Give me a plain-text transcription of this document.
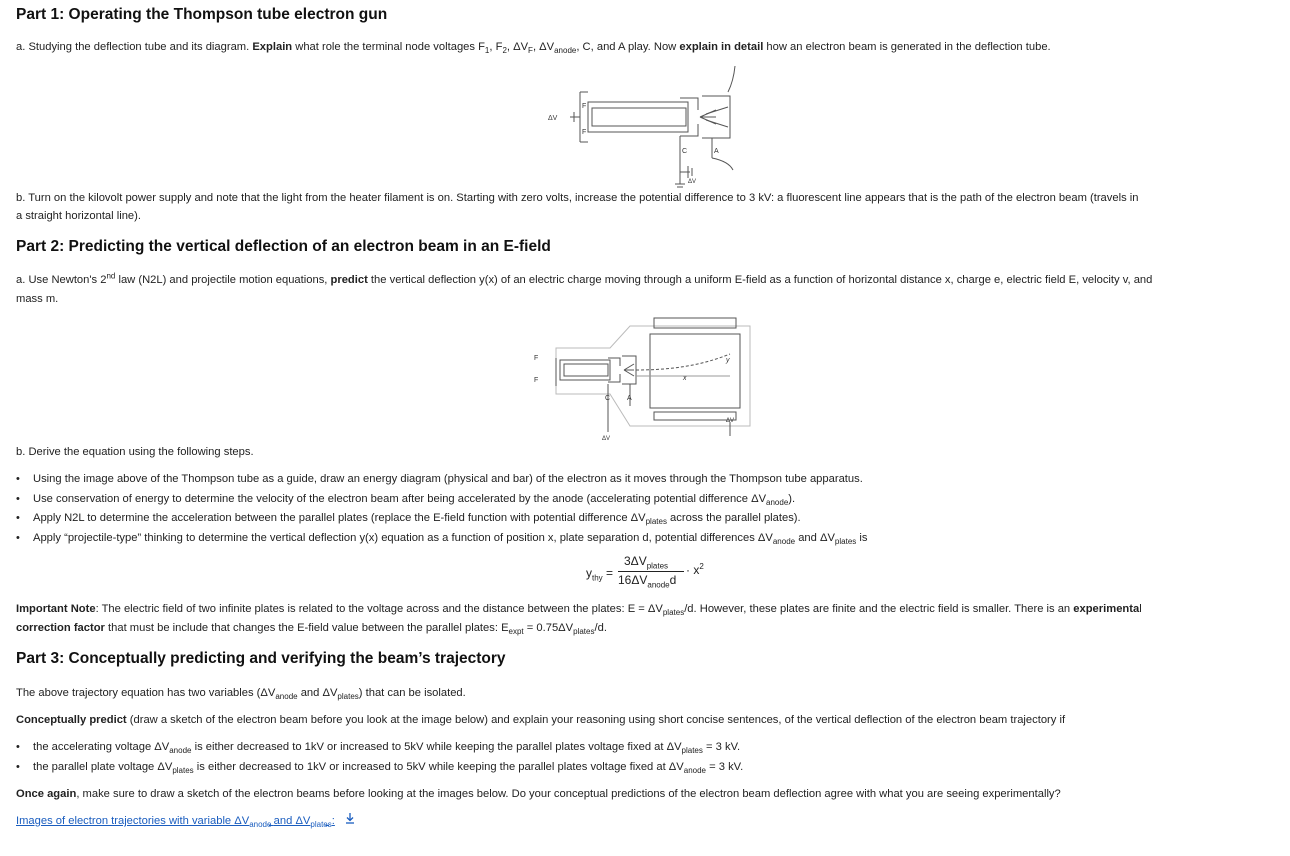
Part 1: Operating the Thompson tube electron gun
a. Studying the deflection tube and its diagram. Explain what role the terminal node voltages $F_1$, $F_2$, $\Delta V_F$, $\Delta V_{anode}$, C, and A play. Now explain in detail how an electron beam is generated in the deflection tube.
F
F
ΔV
C	A
ΔV
b. Turn on the kilovolt power supply and note that the light from the heater filament is on. Starting with zero volts, increase the potential difference to 3 kV: a fluorescent line appears that is the path of the electron beam (travels in
a straight horizontal line).
Part 2: Predicting the vertical deflection of an electron beam in an E-field
a. Use Newton's 2nd law (N2L) and projectile motion equations, predict the vertical deflection y(x) of an electric charge moving through a uniform E-field as a function of horizontal distance x, charge e, electric field E, velocity v, and
mass m.
F
F
C A
x
y
ΔV
ΔV
b. Derive the equation using the following steps.
• Using the image above of the Thompson tube as a guide, draw an energy diagram (physical and bar) of the electron as it moves through the Thompson tube apparatus.
• Use conservation of energy to determine the velocity of the electron beam after being accelerated by the anode (accelerating potential difference $\Delta V_{anode}$).
• Apply N2L to determine the acceleration between the parallel plates (replace the E-field function with potential difference $\Delta V_{plates}$ across the parallel plates).
• Apply “projectile-type” thinking to determine the vertical deflection y(x) equation as a function of position x, plate separation d, potential differences $\Delta V_{anode}$ and $\Delta V_{plates}$ is
$y_{thy}$ =
$3\Delta V_{plates}$
$16\Delta V_{anode}d$
· $x^2$
Important Note: The electric field of two infinite plates is related to the voltage across and the distance between the plates: $E = \Delta V_{plates}/d$. However, these plates are finite and the electric field is smaller. There is an experimental
correction factor that must be include that changes the E-field value between the parallel plates: $E_{expt} = 0.75\Delta V_{plates}/d$.
Part 3: Conceptually predicting and verifying the beam’s trajectory
The above trajectory equation has two variables ($\Delta V_{anode}$ and $\Delta V_{plates}$) that can be isolated.
Conceptually predict (draw a sketch of the electron beam before you look at the image below) and explain your reasoning using short concise sentences, of the vertical deflection of the electron beam trajectory if
• the accelerating voltage $\Delta V_{anode}$ is either decreased to 1kV or increased to 5kV while keeping the parallel plates voltage fixed at $\Delta V_{plates} = 3$ kV.
• the parallel plate voltage $\Delta V_{plates}$ is either decreased to 1kV or increased to 5kV while keeping the parallel plates voltage fixed at $\Delta V_{anode} = 3$ kV.
Once again, make sure to draw a sketch of the electron beams before looking at the images below. Do your conceptual predictions of the electron beam deflection agree with what you are seeing experimentally?
Images of electron trajectories with variable $\Delta V_{anode}$ and $\Delta V_{plates}$:
